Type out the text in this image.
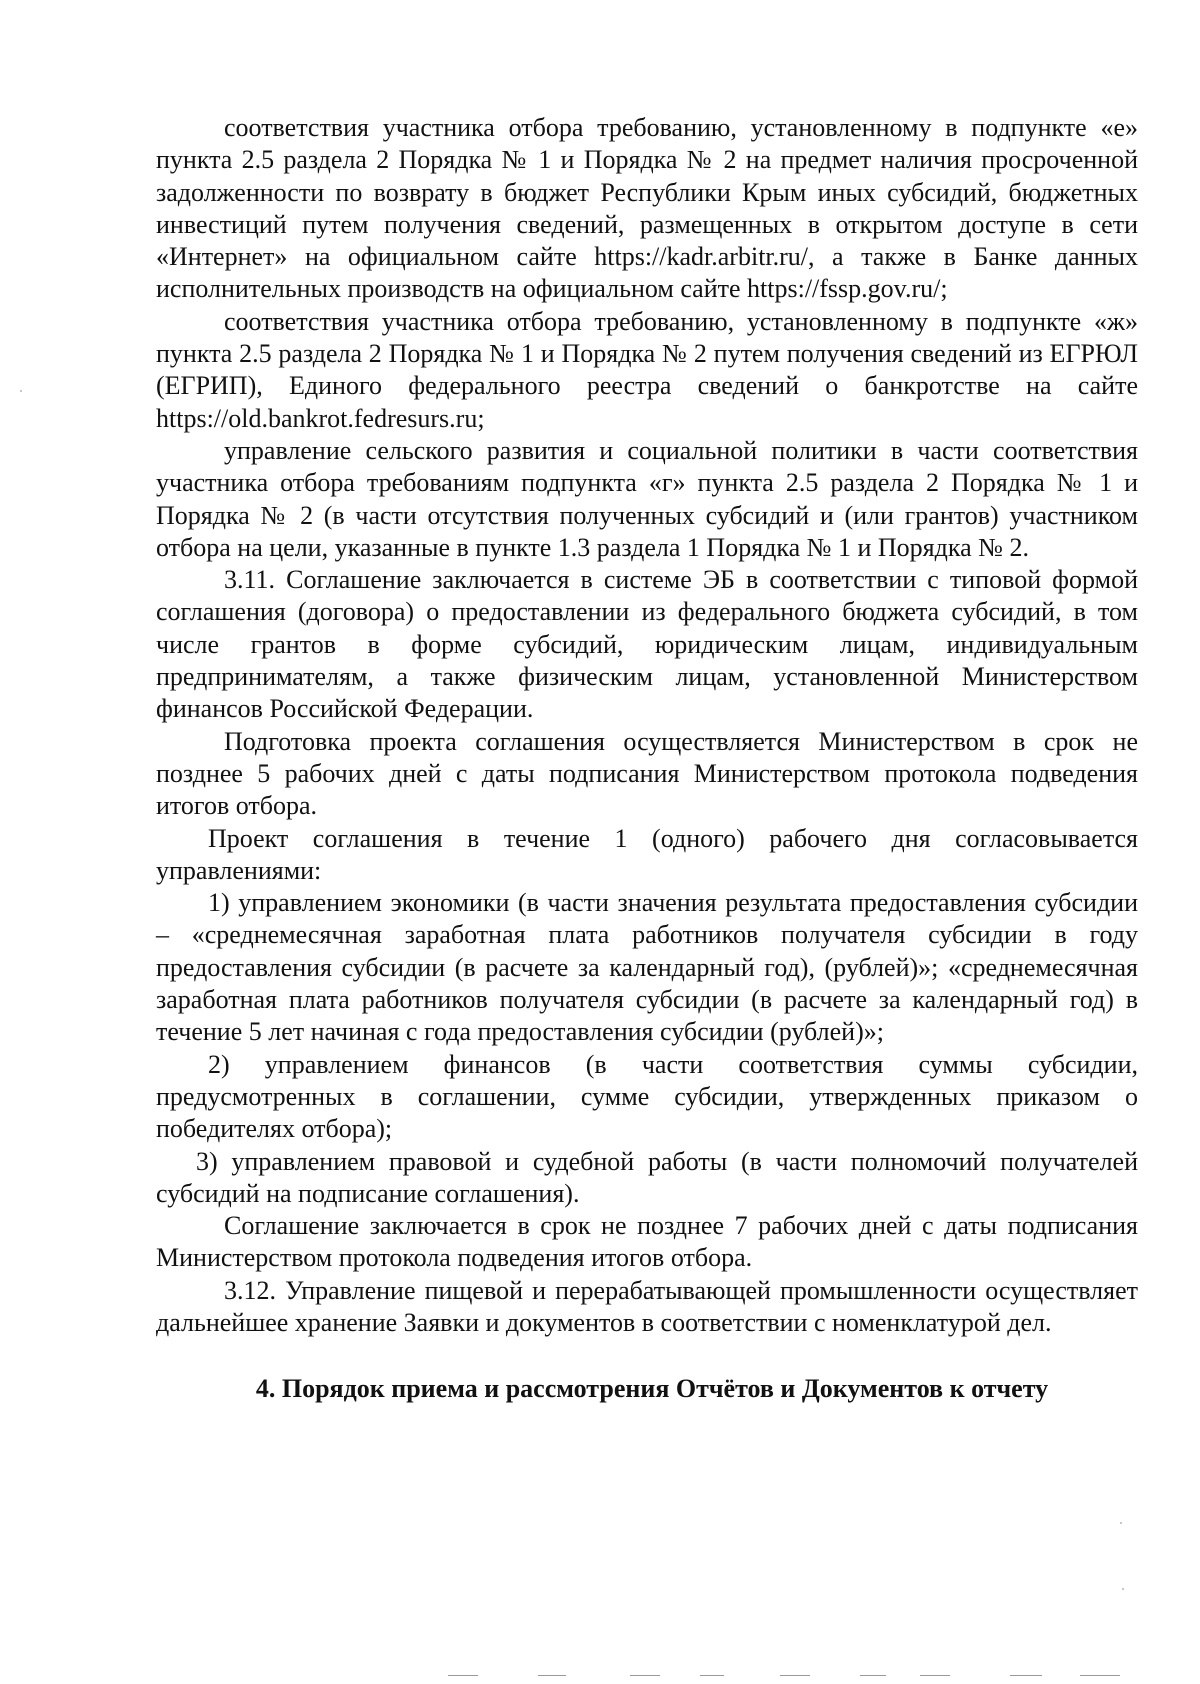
соответствия участника отбора требованию, установленному в подпункте «е» пункта 2.5 раздела 2 Порядка № 1 и Порядка № 2 на предмет наличия просроченной задолженности по возврату в бюджет Республики Крым иных субсидий, бюджетных инвестиций путем получения сведений, размещенных в открытом доступе в сети «Интернет» на официальном сайте https://kadr.arbitr.ru/, а также в Банке данных исполнительных производств на официальном сайте https://fssp.gov.ru/;

соответствия участника отбора требованию, установленному в подпункте «ж» пункта 2.5 раздела 2 Порядка № 1 и Порядка № 2 путем получения сведений из ЕГРЮЛ (ЕГРИП), Единого федерального реестра сведений о банкротстве на сайте https://old.bankrot.fedresurs.ru;

управление сельского развития и социальной политики в части соответствия участника отбора требованиям подпункта «г» пункта 2.5 раздела 2 Порядка № 1 и Порядка № 2 (в части отсутствия полученных субсидий и (или грантов) участником отбора на цели, указанные в пункте 1.3 раздела 1 Порядка № 1 и Порядка № 2.

3.11. Соглашение заключается в системе ЭБ в соответствии с типовой формой соглашения (договора) о предоставлении из федерального бюджета субсидий, в том числе грантов в форме субсидий, юридическим лицам, индивидуальным предпринимателям, а также физическим лицам, установленной Министерством финансов Российской Федерации.

Подготовка проекта соглашения осуществляется Министерством в срок не позднее 5 рабочих дней с даты подписания Министерством протокола подведения итогов отбора.

Проект соглашения в течение 1 (одного) рабочего дня согласовывается управлениями:

1) управлением экономики (в части значения результата предоставления субсидии – «среднемесячная заработная плата работников получателя субсидии в году предоставления субсидии (в расчете за календарный год), (рублей)»; «среднемесячная заработная плата работников получателя субсидии (в расчете за календарный год) в течение 5 лет начиная с года предоставления субсидии (рублей)»;

2) управлением финансов (в части соответствия суммы субсидии, предусмотренных в соглашении, сумме субсидии, утвержденных приказом о победителях отбора);

3) управлением правовой и судебной работы (в части полномочий получателей субсидий на подписание соглашения).

Соглашение заключается в срок не позднее 7 рабочих дней с даты подписания Министерством протокола подведения итогов отбора.

3.12. Управление пищевой и перерабатывающей промышленности осуществляет дальнейшее хранение Заявки и документов в соответствии с номенклатурой дел.

4. Порядок приема и рассмотрения Отчётов и Документов к отчету
